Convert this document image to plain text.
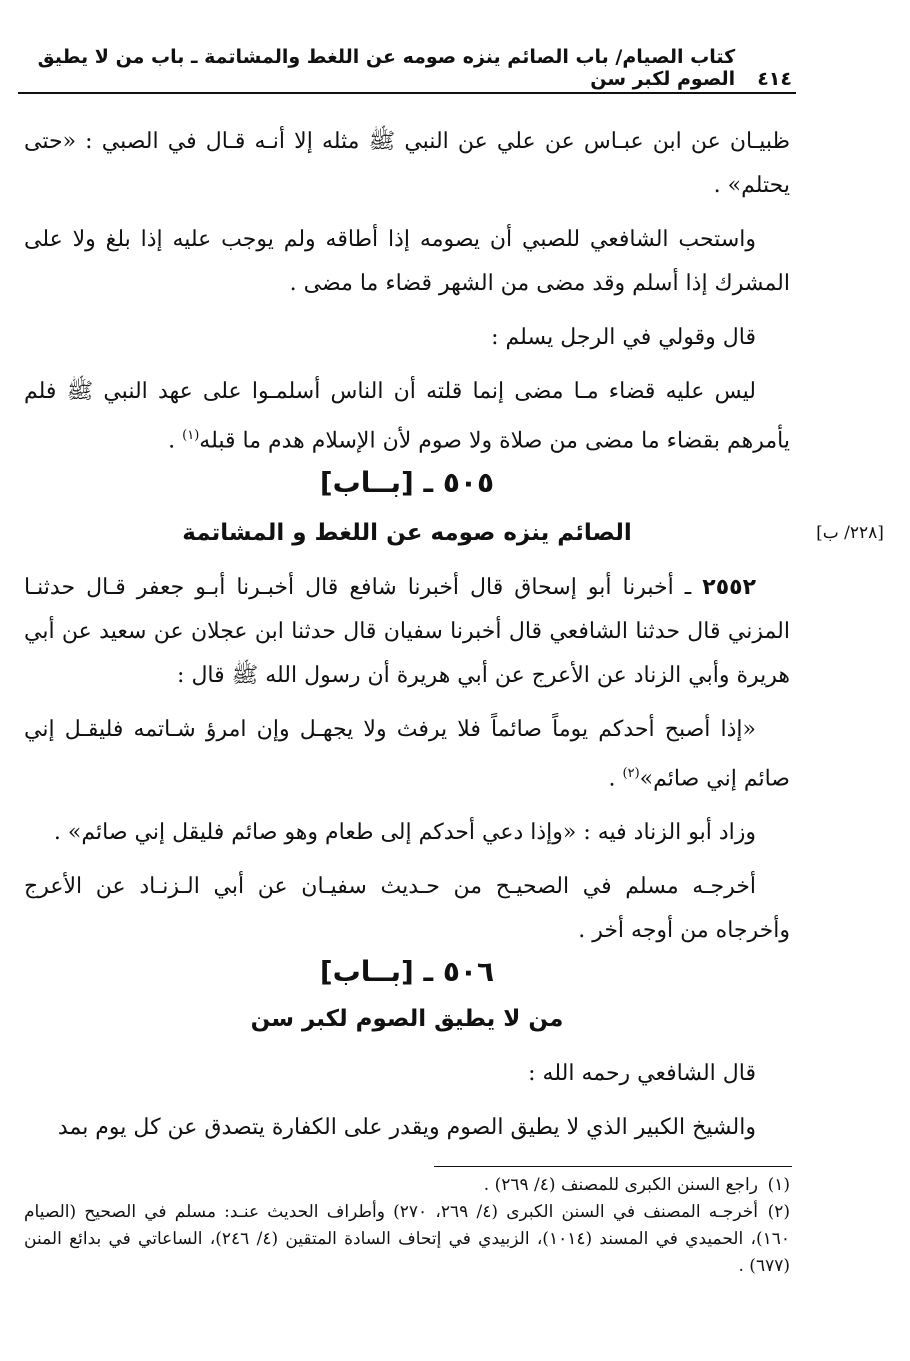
٤١٤
كتاب الصيام/ باب الصائم ينزه صومه عن اللغط والمشاتمة ـ باب من لا يطيق الصوم لكبر سن

ظبيـان عن ابن عبـاس عن علي عن النبي ﷺ مثله إلا أنـه قـال في الصبي : «حتى يحتلم» .

واستحب الشافعي للصبي أن يصومه إذا أطاقه ولم يوجب عليه إذا بلغ ولا على المشرك إذا أسلم وقد مضى من الشهر قضاء ما مضى .

قال وقولي في الرجل يسلم :

ليس عليه قضاء مـا مضى إنما قلته أن الناس أسلمـوا على عهد النبي ﷺ فلم يأمرهم بقضاء ما مضى من صلاة ولا صوم لأن الإسلام هدم ما قبله$^{(١)}$ .

٥٠٥ ـ [بــاب]
الصائم ينزه صومه عن اللغط و المشاتمة	[٢٢٨/ ب]

٢٥٥٢ ـ أخبرنا أبو إسحاق قال أخبرنا شافع قال أخبـرنا أبـو جعفر قـال حدثنـا المزني قال حدثنا الشافعي قال أخبرنا سفيان قال حدثنا ابن عجلان عن سعيد عن أبي هريرة وأبي الزناد عن الأعرج عن أبي هريرة أن رسول الله ﷺ قال :

«إذا أصبح أحدكم يوماً صائماً فلا يرفث ولا يجهـل وإن امرؤ شـاتمه فليقـل إني صائم إني صائم»$^{(٢)}$ .

وزاد أبو الزناد فيه : «وإذا دعي أحدكم إلى طعام وهو صائم فليقل إني صائم» .

أخرجـه مسلم في الصحيـح من حـديث سفيـان عن أبي الـزنـاد عن الأعرج وأخرجاه من أوجه أخر .

٥٠٦ ـ [بــاب]
من لا يطيق الصوم لكبر سن

قال الشافعي رحمه الله :

والشيخ الكبير الذي لا يطيق الصوم ويقدر على الكفارة يتصدق عن كل يوم بمد

(١)راجع السنن الكبرى للمصنف (٤/ ٢٦٩) .

(٢)أخرجـه المصنف في السنن الكبرى (٤/ ٢٦٩، ٢٧٠) وأطراف الحديث عنـد: مسلم في الصحيح (الصيام ١٦٠)، الحميدي في المسند (١٠١٤)، الزبيدي في إتحاف السادة المتقين (٤/ ٢٤٦)، الساعاتي في بدائع المنن (٦٧٧) .
